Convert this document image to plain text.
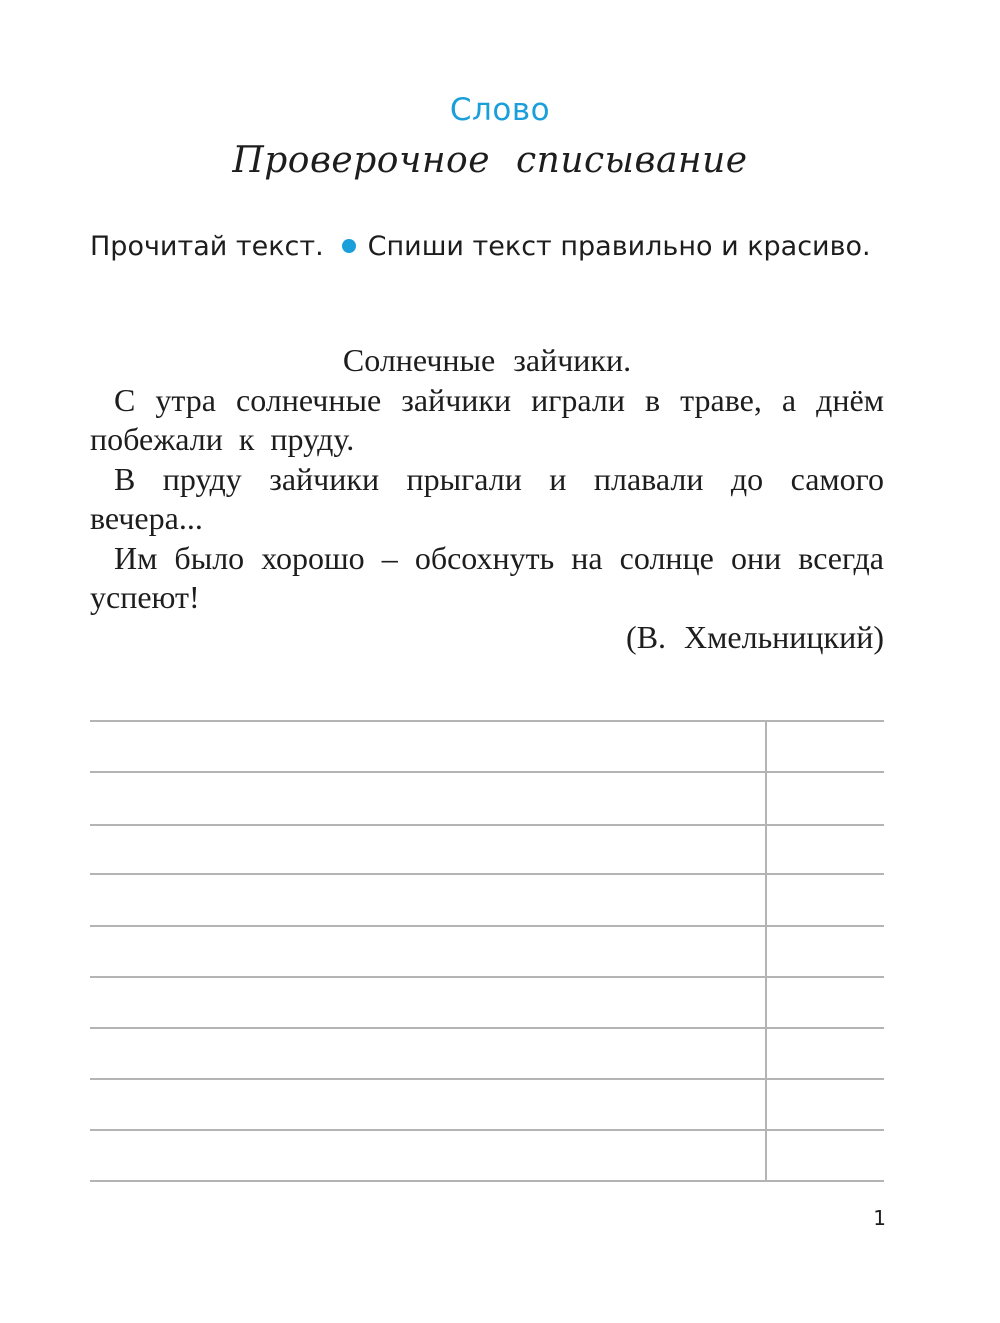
Слово
Проверочное списывание
Прочитай текст. Спиши текст правильно и красиво.
Солнечные зайчики.
С утра солнечные зайчики играли в траве, а днём побежали к пруду.
В пруду зайчики прыгали и плавали до самого вечера...
Им было хорошо – обсохнуть на солнце они всегда успеют!
(В. Хмельницкий)
1
